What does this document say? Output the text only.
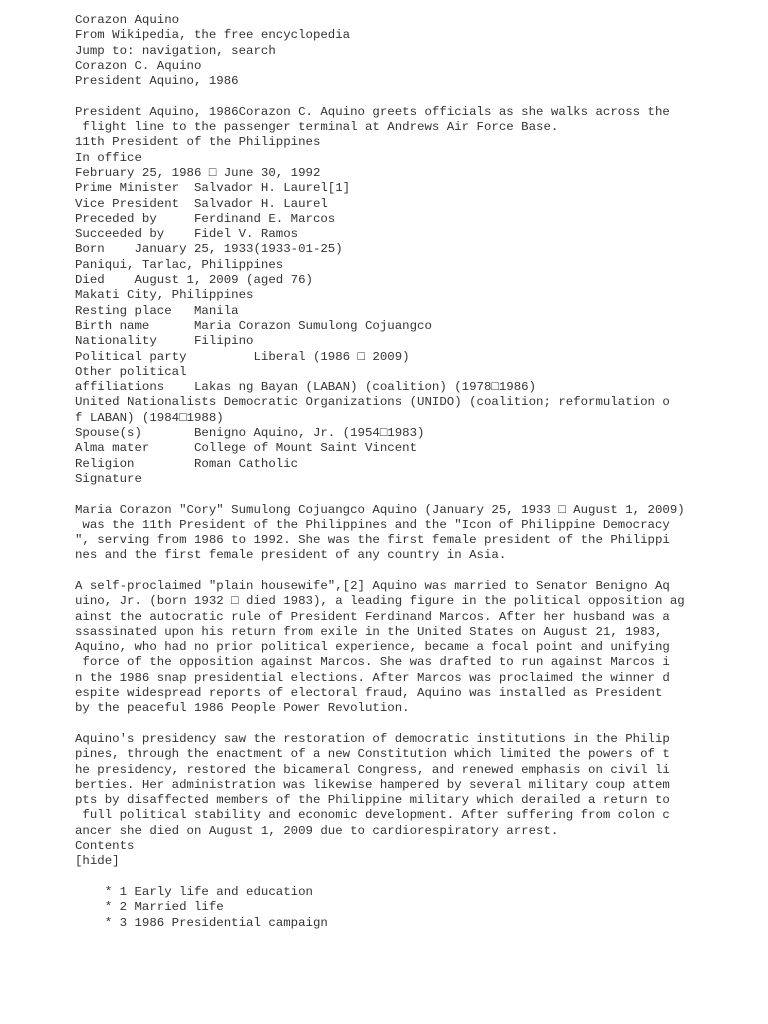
Corazon Aquino
From Wikipedia, the free encyclopedia
Jump to: navigation, search
Corazon C. Aquino
President Aquino, 1986
President Aquino, 1986Corazon C. Aquino greets officials as she walks across the
flight line to the passenger terminal at Andrews Air Force Base.
11th President of the Philippines
In office
February 25, 1986 □ June 30, 1992
Prime Minister  Salvador H. Laurel[1]
Vice President  Salvador H. Laurel
Preceded by     Ferdinand E. Marcos
Succeeded by    Fidel V. Ramos
Born    January 25, 1933(1933-01-25)
Paniqui, Tarlac, Philippines
Died    August 1, 2009 (aged 76)
Makati City, Philippines
Resting place   Manila
Birth name      Maria Corazon Sumulong Cojuangco
Nationality     Filipino
Political party         Liberal (1986 □ 2009)
Other political
affiliations    Lakas ng Bayan (LABAN) (coalition) (1978□1986)
United Nationalists Democratic Organizations (UNIDO) (coalition; reformulation o
f LABAN) (1984□1988)
Spouse(s)       Benigno Aquino, Jr. (1954□1983)
Alma mater      College of Mount Saint Vincent
Religion        Roman Catholic
Signature
Maria Corazon "Cory" Sumulong Cojuangco Aquino (January 25, 1933 □ August 1, 2009)
was the 11th President of the Philippines and the "Icon of Philippine Democracy
", serving from 1986 to 1992. She was the first female president of the Philippi
nes and the first female president of any country in Asia.
A self-proclaimed "plain housewife",[2] Aquino was married to Senator Benigno Aq
uino, Jr. (born 1932 □ died 1983), a leading figure in the political opposition ag
ainst the autocratic rule of President Ferdinand Marcos. After her husband was a
ssassinated upon his return from exile in the United States on August 21, 1983,
Aquino, who had no prior political experience, became a focal point and unifying
force of the opposition against Marcos. She was drafted to run against Marcos i
n the 1986 snap presidential elections. After Marcos was proclaimed the winner d
espite widespread reports of electoral fraud, Aquino was installed as President
by the peaceful 1986 People Power Revolution.
Aquino's presidency saw the restoration of democratic institutions in the Philip
pines, through the enactment of a new Constitution which limited the powers of t
he presidency, restored the bicameral Congress, and renewed emphasis on civil li
berties. Her administration was likewise hampered by several military coup attem
pts by disaffected members of the Philippine military which derailed a return to
full political stability and economic development. After suffering from colon c
ancer she died on August 1, 2009 due to cardiorespiratory arrest.
Contents
[hide]
* 1 Early life and education
* 2 Married life
* 3 1986 Presidential campaign
